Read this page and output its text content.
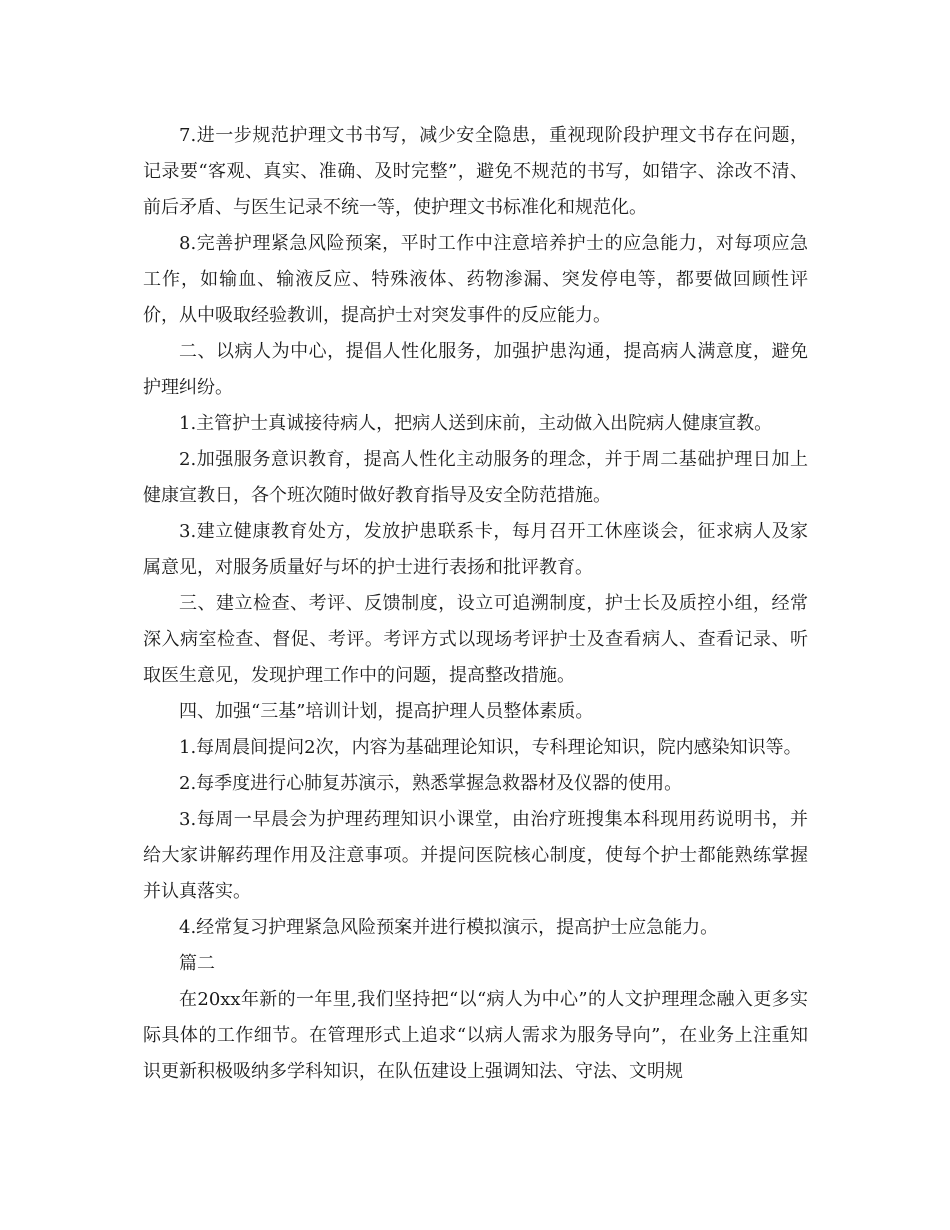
7.进一步规范护理文书书写，减少安全隐患，重视现阶段护理文书存在问题，记录要“客观、真实、准确、及时完整”，避免不规范的书写，如错字、涂改不清、前后矛盾、与医生记录不统一等，使护理文书标准化和规范化。

8.完善护理紧急风险预案，平时工作中注意培养护士的应急能力，对每项应急工作，如输血、输液反应、特殊液体、药物渗漏、突发停电等，都要做回顾性评价，从中吸取经验教训，提高护士对突发事件的反应能力。

二、以病人为中心，提倡人性化服务，加强护患沟通，提高病人满意度，避免护理纠纷。

1.主管护士真诚接待病人，把病人送到床前，主动做入出院病人健康宣教。

2.加强服务意识教育，提高人性化主动服务的理念，并于周二基础护理日加上健康宣教日，各个班次随时做好教育指导及安全防范措施。

3.建立健康教育处方，发放护患联系卡，每月召开工休座谈会，征求病人及家属意见，对服务质量好与坏的护士进行表扬和批评教育。

三、建立检查、考评、反馈制度，设立可追溯制度，护士长及质控小组，经常深入病室检查、督促、考评。考评方式以现场考评护士及查看病人、查看记录、听取医生意见，发现护理工作中的问题，提高整改措施。

四、加强“三基”培训计划，提高护理人员整体素质。

1.每周晨间提问2次，内容为基础理论知识，专科理论知识，院内感染知识等。

2.每季度进行心肺复苏演示，熟悉掌握急救器材及仪器的使用。

3.每周一早晨会为护理药理知识小课堂，由治疗班搜集本科现用药说明书，并给大家讲解药理作用及注意事项。并提问医院核心制度，使每个护士都能熟练掌握并认真落实。

4.经常复习护理紧急风险预案并进行模拟演示，提高护士应急能力。

篇二

在20xx年新的一年里,我们坚持把“以“病人为中心”的人文护理理念融入更多实际具体的工作细节。在管理形式上追求“以病人需求为服务导向”，在业务上注重知识更新积极吸纳多学科知识，在队伍建设上强调知法、守法、文明规
